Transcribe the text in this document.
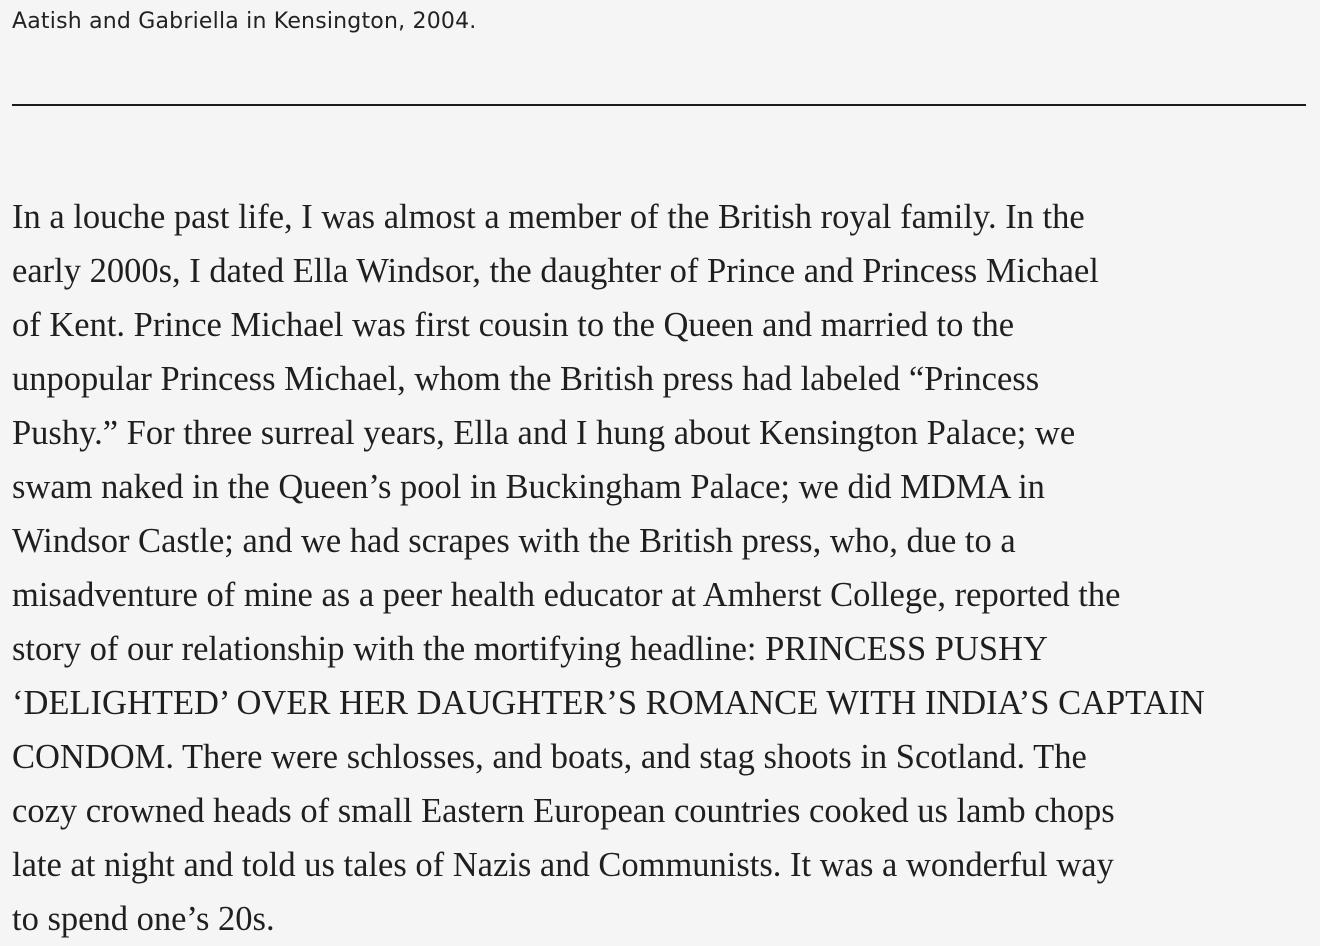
Aatish and Gabriella in Kensington, 2004.
In a louche past life, I was almost a member of the British royal family. In the
early 2000s, I dated Ella Windsor, the daughter of Prince and Princess Michael
of Kent. Prince Michael was first cousin to the Queen and married to the
unpopular Princess Michael, whom the British press had labeled “Princess
Pushy.” For three surreal years, Ella and I hung about Kensington Palace; we
swam naked in the Queen’s pool in Buckingham Palace; we did MDMA in
Windsor Castle; and we had scrapes with the British press, who, due to a
misadventure of mine as a peer health educator at Amherst College, reported the
story of our relationship with the mortifying headline: PRINCESS PUSHY
‘DELIGHTED’ OVER HER DAUGHTER’S ROMANCE WITH INDIA’S CAPTAIN
CONDOM. There were schlosses, and boats, and stag shoots in Scotland. The
cozy crowned heads of small Eastern European countries cooked us lamb chops
late at night and told us tales of Nazis and Communists. It was a wonderful way
to spend one’s 20s.
